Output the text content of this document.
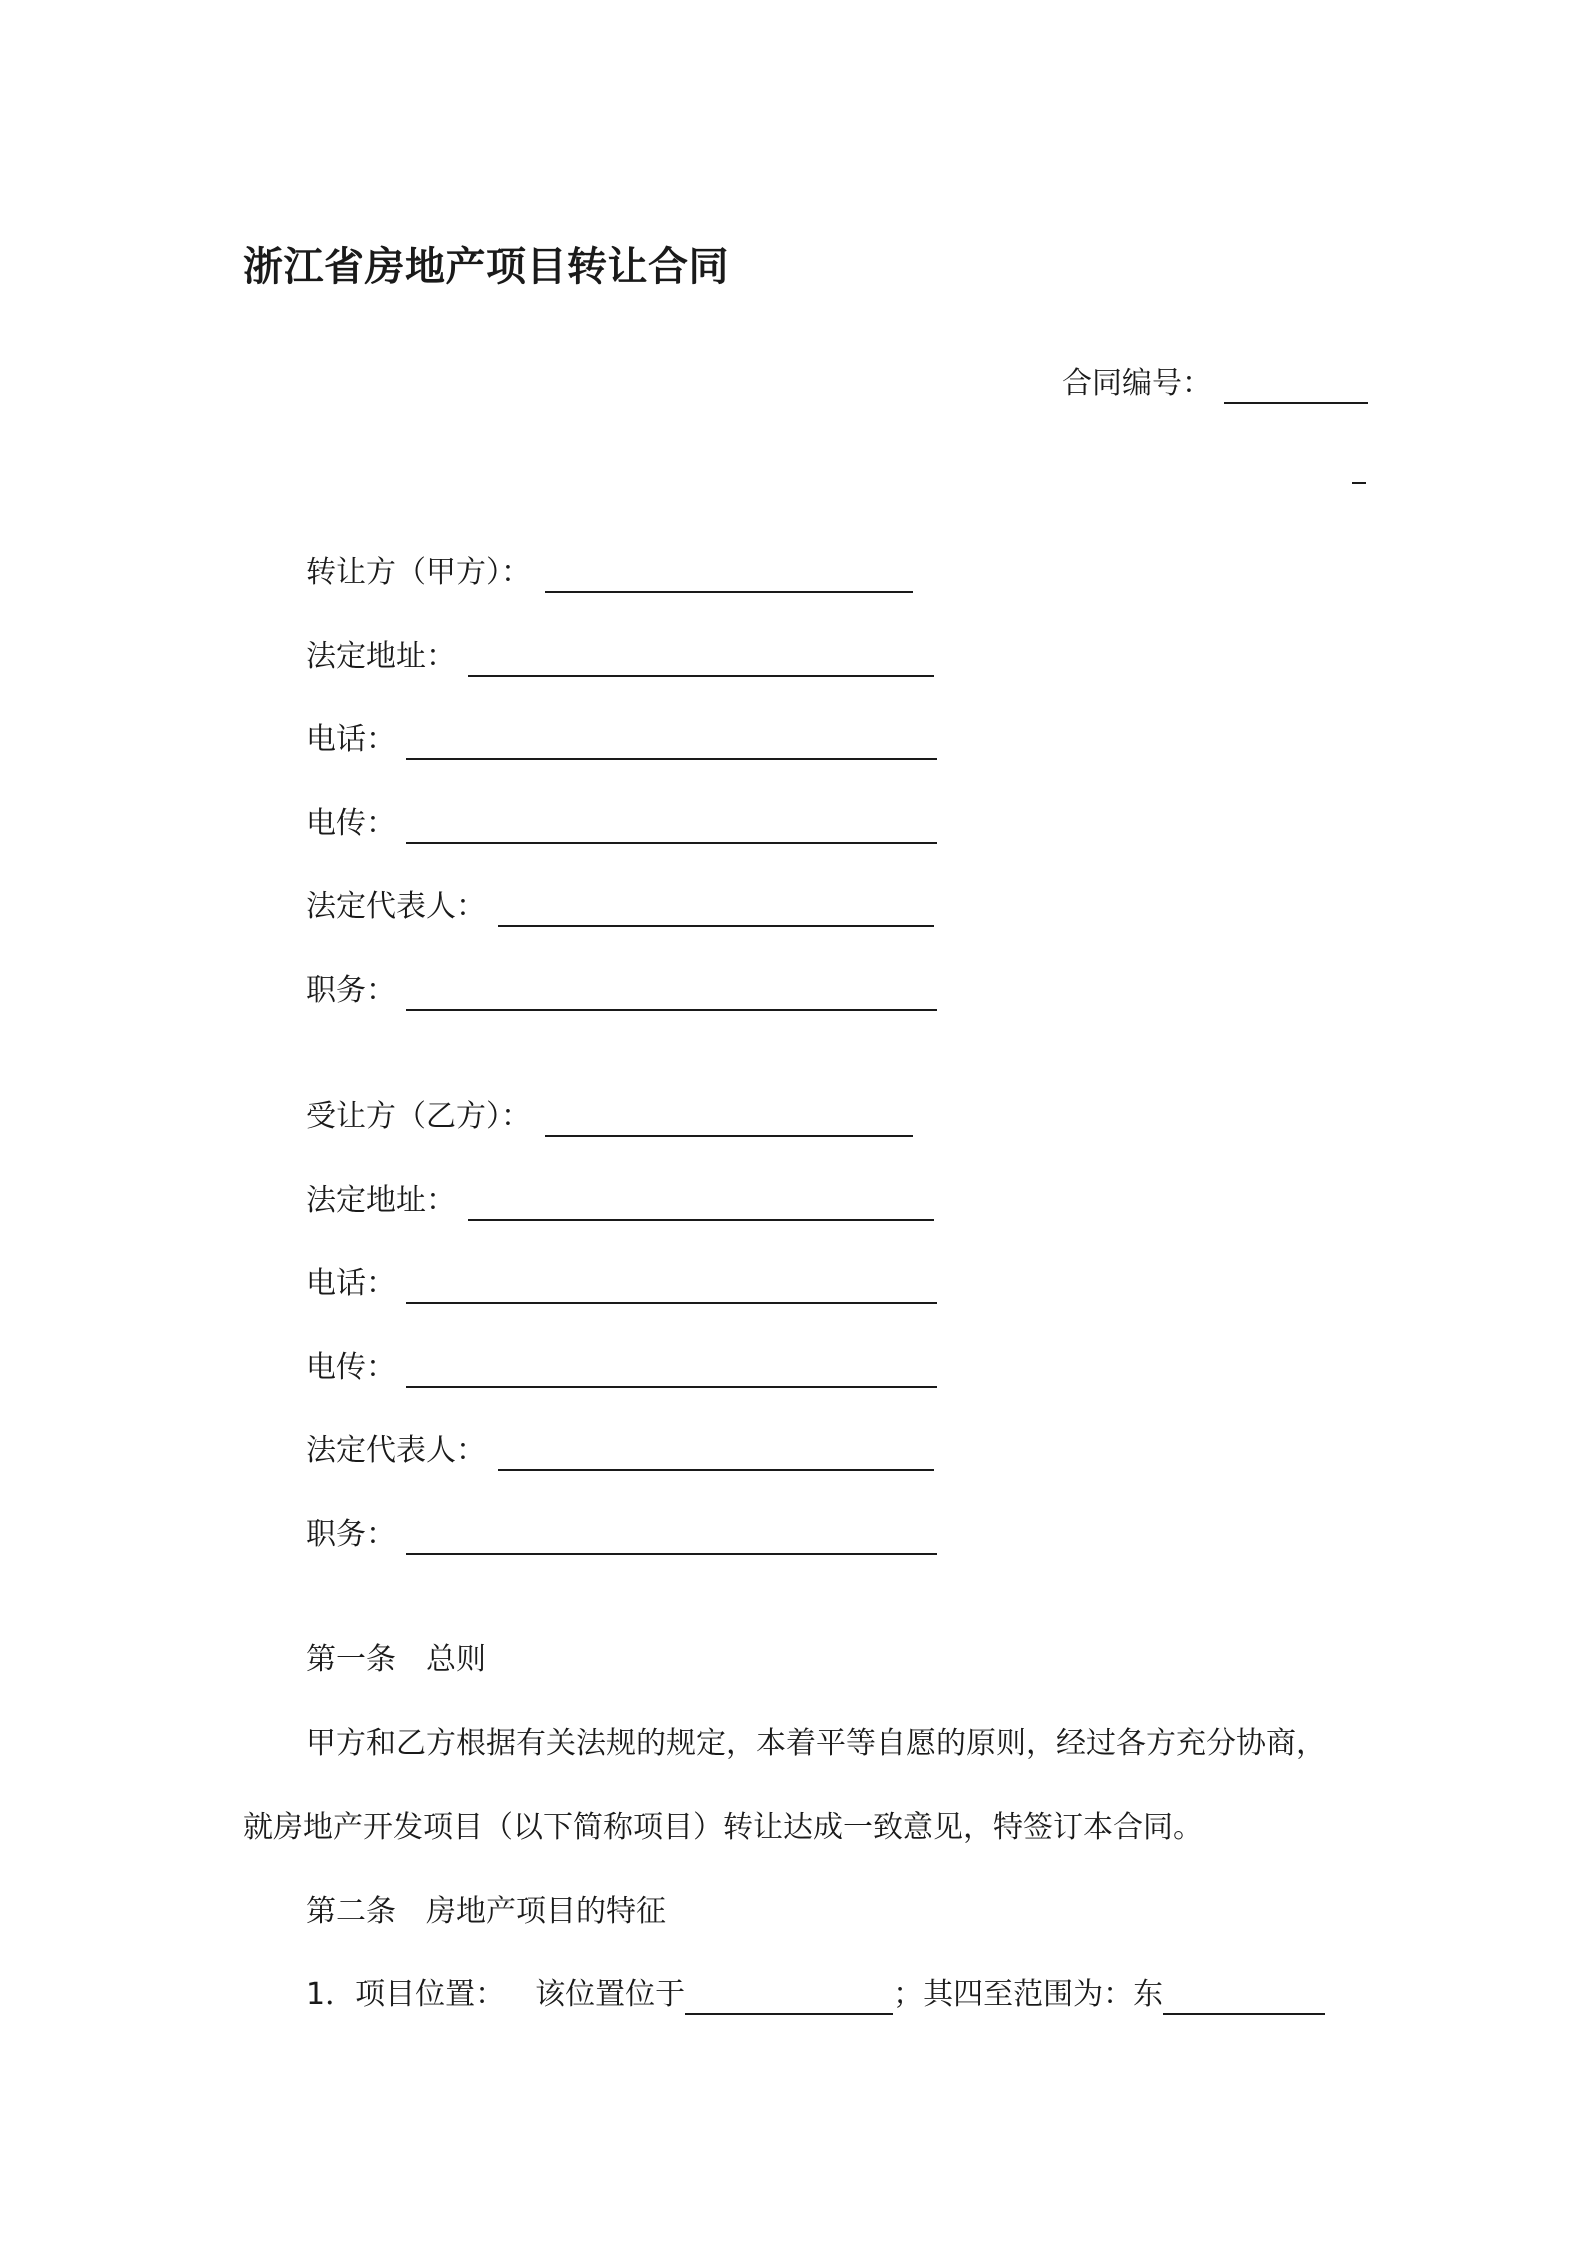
浙江省房地产项目转让合同
合同编号：
转让方（甲方）：
法定地址：
电话：
电传：
法定代表人：
职务：
受让方（乙方）：
法定地址：
电话：
电传：
法定代表人：
职务：
第一条　总则
甲方和乙方根据有关法规的规定，本着平等自愿的原则，经过各方充分协商，
就房地产开发项目（以下简称项目）转让达成一致意见，特签订本合同。
第二条　房地产项目的特征
1．项目位置： 该位置位于	；其四至范围为：东
